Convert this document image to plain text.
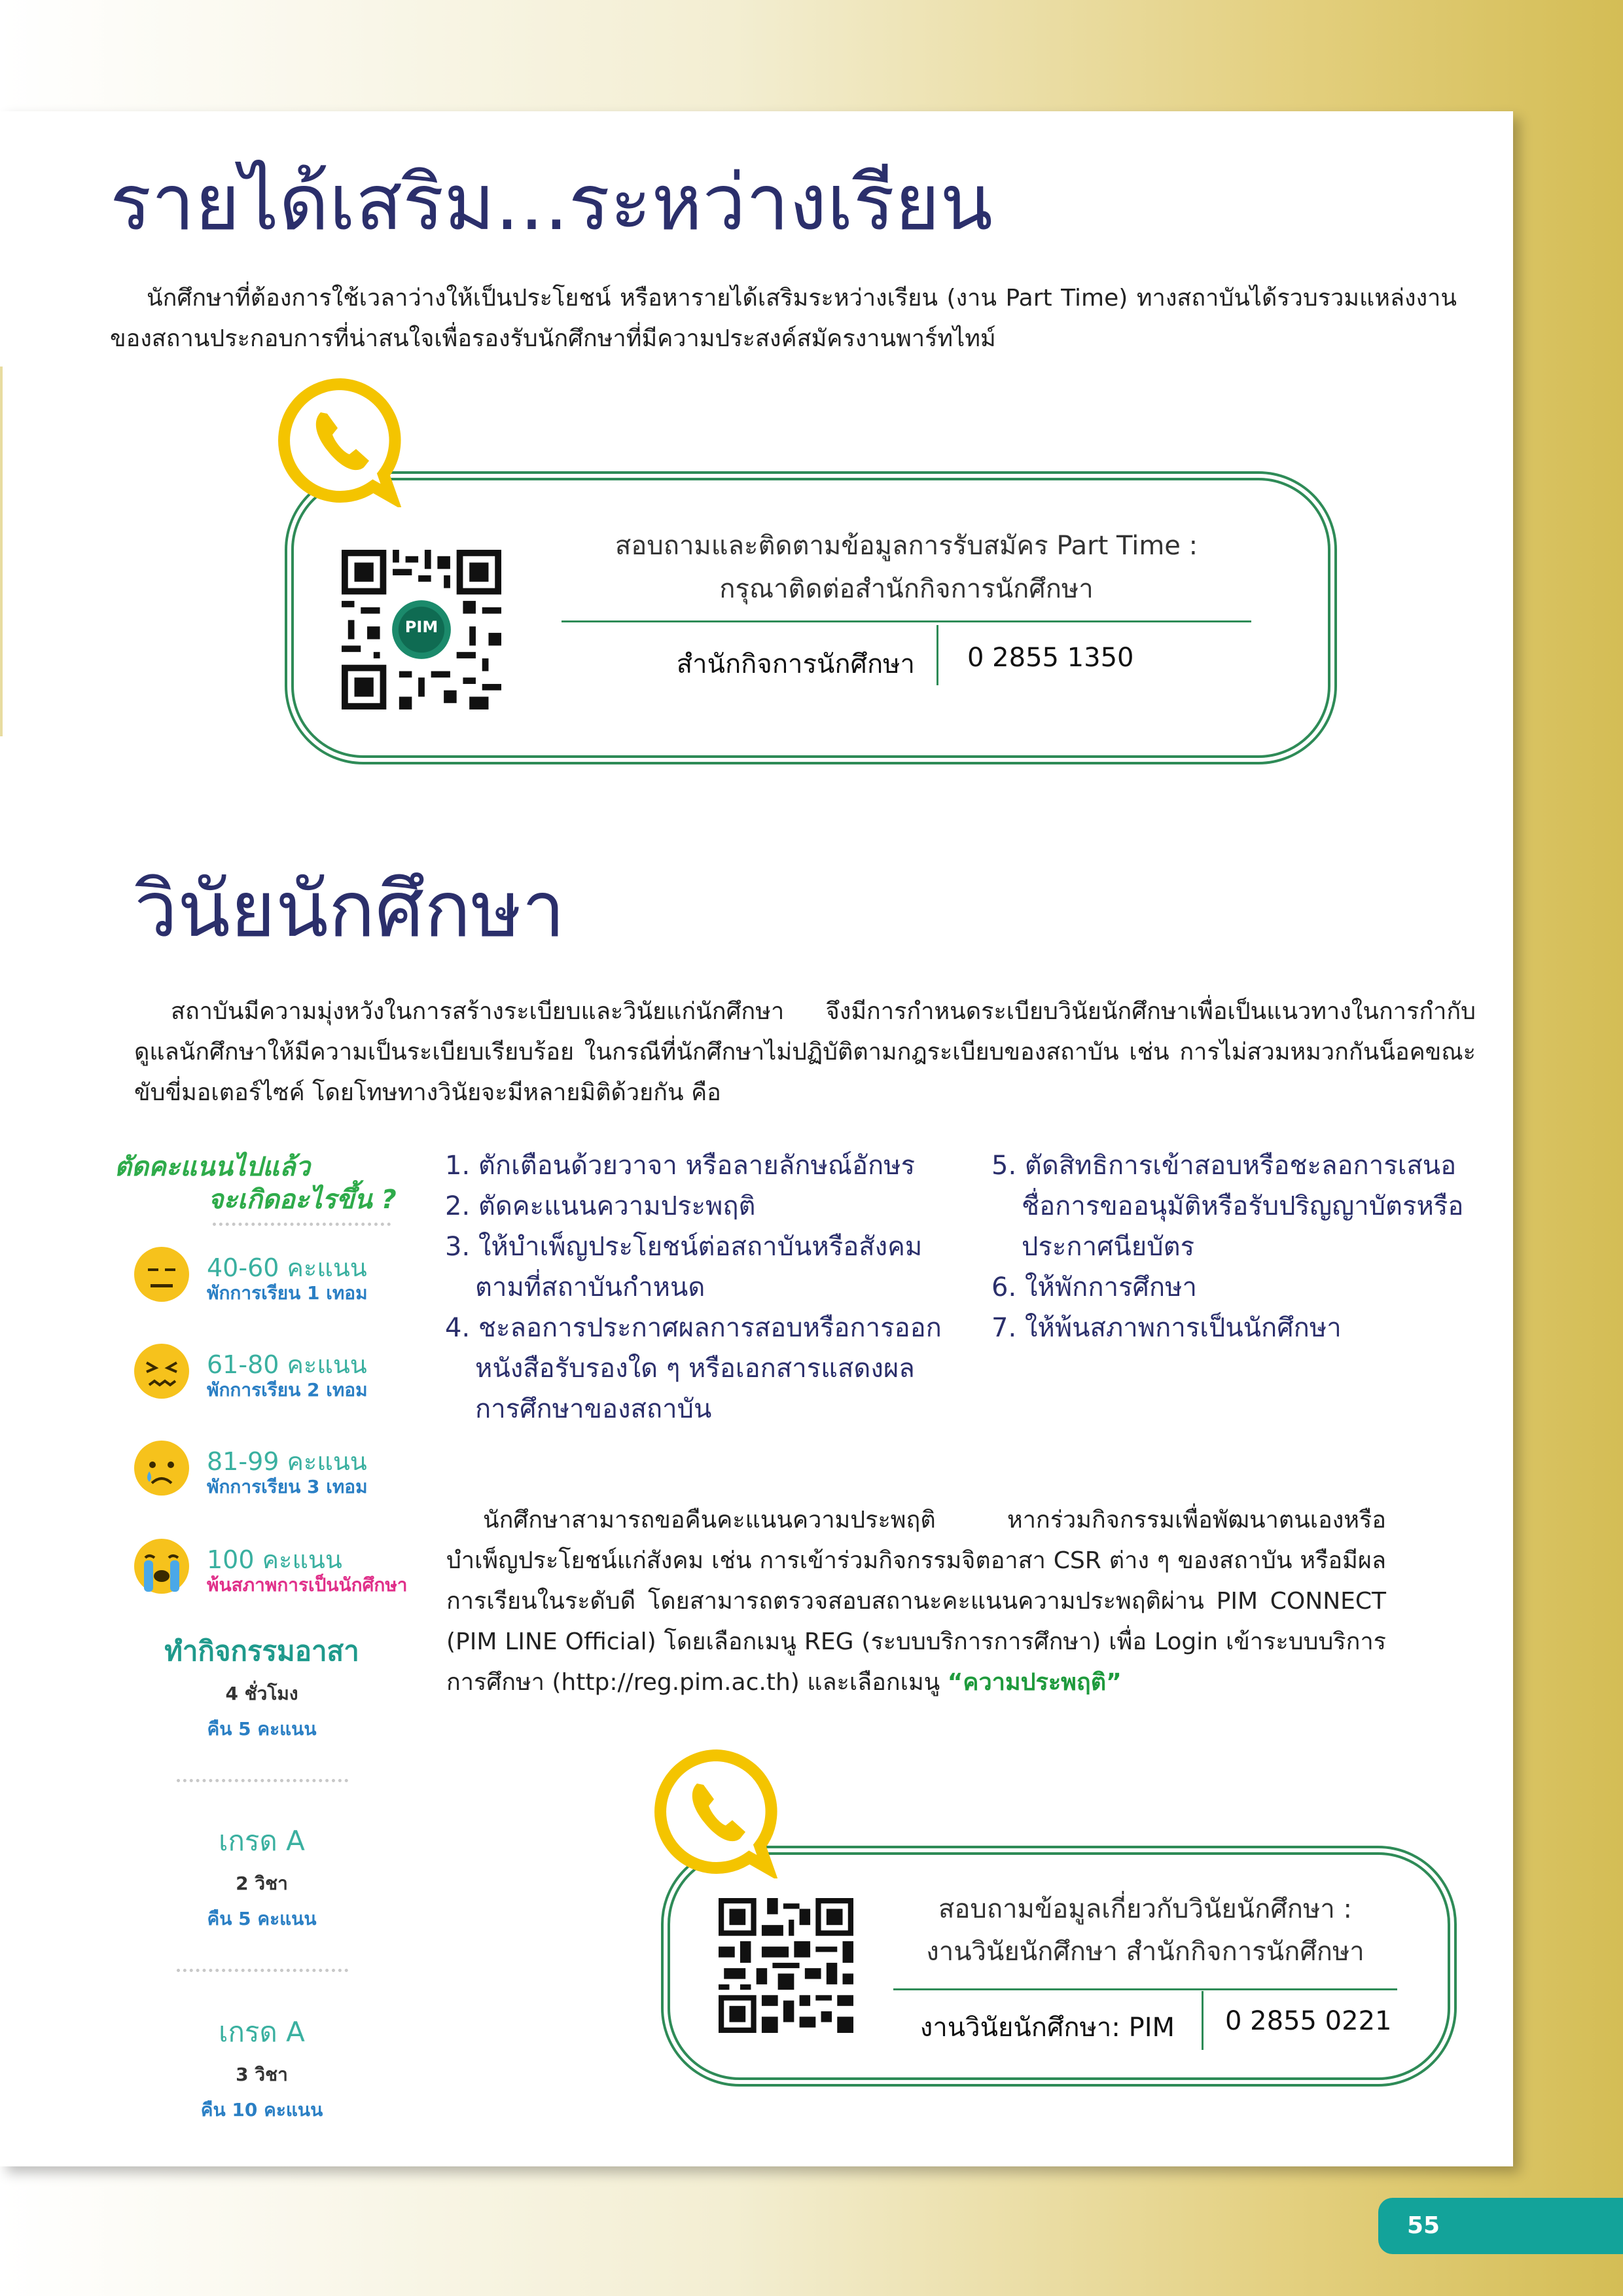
รายได้เสริม...ระหว่างเรียน

นักศึกษาที่ต้องการใช้เวลาว่างให้เป็นประโยชน์ หรือหารายได้เสริมระหว่างเรียน (งาน Part Time) ทางสถาบันได้รวบรวมแหล่งงานของสถานประกอบการที่น่าสนใจเพื่อรองรับนักศึกษาที่มีความประสงค์สมัครงานพาร์ทไทม์

PIM
สอบถามและติดตามข้อมูลการรับสมัคร Part Time :
กรุณาติดต่อสำนักกิจการนักศึกษา
สำนักกิจการนักศึกษา 0 2855 1350
วินัยนักศึกษา

สถาบันมีความมุ่งหวังในการสร้างระเบียบและวินัยแก่นักศึกษา จึงมีการกำหนดระเบียบวินัยนักศึกษาเพื่อเป็นแนวทางในการกำกับดูแลนักศึกษาให้มีความเป็นระเบียบเรียบร้อย ในกรณีที่นักศึกษาไม่ปฏิบัติตามกฎระเบียบของสถาบัน เช่น การไม่สวมหมวกกันน็อคขณะขับขี่มอเตอร์ไซค์ โดยโทษทางวินัยจะมีหลายมิติด้วยกัน คือ

ตัดคะแนนไปแล้ว
จะเกิดอะไรขึ้น ?
40-60 คะแนน
พักการเรียน 1 เทอม
61-80 คะแนน
พักการเรียน 2 เทอม
81-99 คะแนน
พักการเรียน 3 เทอม
100 คะแนน
พ้นสภาพการเป็นนักศึกษา
ทำกิจกรรมอาสา
4 ชั่วโมง
คืน 5 คะแนน
เกรด A
2 วิชา
คืน 5 คะแนน
เกรด A
3 วิชา
คืน 10 คะแนน
1. ตักเตือนด้วยวาจา หรือลายลักษณ์อักษร
2. ตัดคะแนนความประพฤติ
3. ให้บำเพ็ญประโยชน์ต่อสถาบันหรือสังคม ตามที่สถาบันกำหนด
4. ชะลอการประกาศผลการสอบหรือการออกหนังสือรับรองใด ๆ หรือเอกสารแสดงผลการศึกษาของสถาบัน
5. ตัดสิทธิการเข้าสอบหรือชะลอการเสนอชื่อการขออนุมัติหรือรับปริญญาบัตรหรือประกาศนียบัตร
6. ให้พักการศึกษา
7. ให้พ้นสภาพการเป็นนักศึกษา

นักศึกษาสามารถขอคืนคะแนนความประพฤติ หากร่วมกิจกรรมเพื่อพัฒนาตนเองหรือบำเพ็ญประโยชน์แก่สังคม เช่น การเข้าร่วมกิจกรรมจิตอาสา CSR ต่าง ๆ ของสถาบัน หรือมีผลการเรียนในระดับดี โดยสามารถตรวจสอบสถานะคะแนนความประพฤติผ่าน PIM CONNECT (PIM LINE Official) โดยเลือกเมนู REG (ระบบบริการการศึกษา) เพื่อ Login เข้าระบบบริการการศึกษา (http://reg.pim.ac.th) และเลือกเมนู “ความประพฤติ”

สอบถามข้อมูลเกี่ยวกับวินัยนักศึกษา :
งานวินัยนักศึกษา สำนักกิจการนักศึกษา
งานวินัยนักศึกษา: PIM 0 2855 0221
55
